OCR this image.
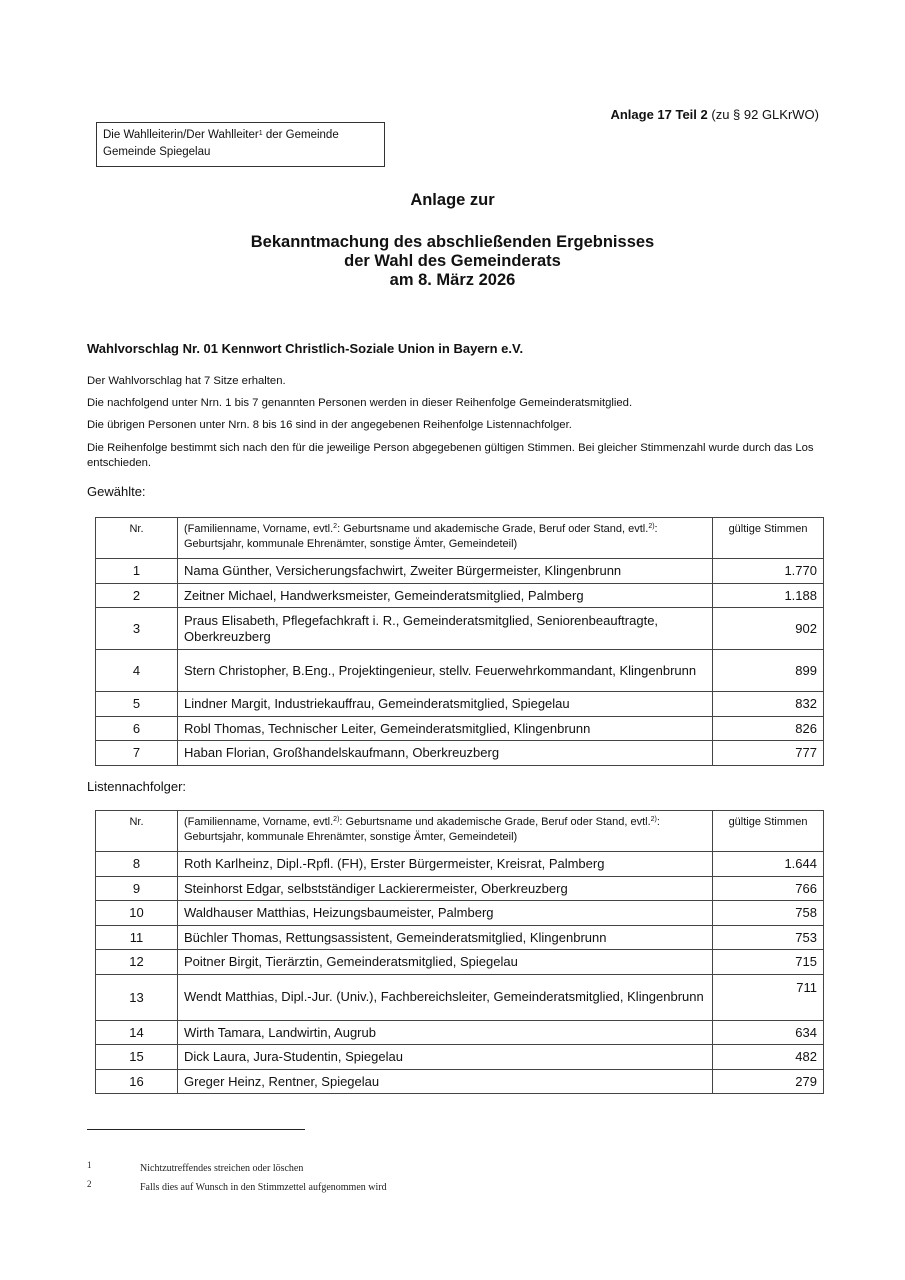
Anlage 17 Teil 2 (zu § 92 GLKrWO)
Die Wahlleiterin/Der Wahlleiter$^1$ der Gemeinde
Gemeinde Spiegelau
Anlage zur
Bekanntmachung des abschließenden Ergebnisses
der Wahl des Gemeinderats
am 8. März 2026
Wahlvorschlag Nr. 01 Kennwort Christlich-Soziale Union in Bayern e.V.
Der Wahlvorschlag hat 7 Sitze erhalten.
Die nachfolgend unter Nrn. 1 bis 7 genannten Personen werden in dieser Reihenfolge Gemeinderatsmitglied.
Die übrigen Personen unter Nrn. 8 bis 16 sind in der angegebenen Reihenfolge Listennachfolger.
Die Reihenfolge bestimmt sich nach den für die jeweilige Person abgegebenen gültigen Stimmen. Bei gleicher Stimmenzahl wurde durch das Los entschieden.
Gewählte:
Nr.	(Familienname, Vorname, evtl.$^2$: Geburtsname und akademische Grade, Beruf oder Stand, evtl.$^{2)}$: Geburtsjahr, kommunale Ehrenämter, sonstige Ämter, Gemeindeteil)	gültige Stimmen
1	Nama Günther, Versicherungsfachwirt, Zweiter Bürgermeister, Klingenbrunn	1.770
2	Zeitner Michael, Handwerksmeister, Gemeinderatsmitglied, Palmberg	1.188
3	Praus Elisabeth, Pflegefachkraft i. R., Gemeinderatsmitglied, Seniorenbeauftragte, Oberkreuzberg	902
4	Stern Christopher, B.Eng., Projektingenieur, stellv. Feuerwehrkommandant, Klingenbrunn	899
5	Lindner Margit, Industriekauffrau, Gemeinderatsmitglied, Spiegelau	832
6	Robl Thomas, Technischer Leiter, Gemeinderatsmitglied, Klingenbrunn	826
7	Haban Florian, Großhandelskaufmann, Oberkreuzberg	777
Listennachfolger:
Nr.	(Familienname, Vorname, evtl.$^{2)}$: Geburtsname und akademische Grade, Beruf oder Stand, evtl.$^{2)}$: Geburtsjahr, kommunale Ehrenämter, sonstige Ämter, Gemeindeteil)	gültige Stimmen
8	Roth Karlheinz, Dipl.-Rpfl. (FH), Erster Bürgermeister, Kreisrat, Palmberg	1.644
9	Steinhorst Edgar, selbstständiger Lackierermeister, Oberkreuzberg	766
10	Waldhauser Matthias, Heizungsbaumeister, Palmberg	758
11	Büchler Thomas, Rettungsassistent, Gemeinderatsmitglied, Klingenbrunn	753
12	Poitner Birgit, Tierärztin, Gemeinderatsmitglied, Spiegelau	715
13	Wendt Matthias, Dipl.-Jur. (Univ.), Fachbereichsleiter, Gemeinderatsmitglied, Klingenbrunn	711
14	Wirth Tamara, Landwirtin, Augrub	634
15	Dick Laura, Jura-Studentin, Spiegelau	482
16	Greger Heinz, Rentner, Spiegelau	279
1	Nichtzutreffendes streichen oder löschen
2	Falls dies auf Wunsch in den Stimmzettel aufgenommen wird
